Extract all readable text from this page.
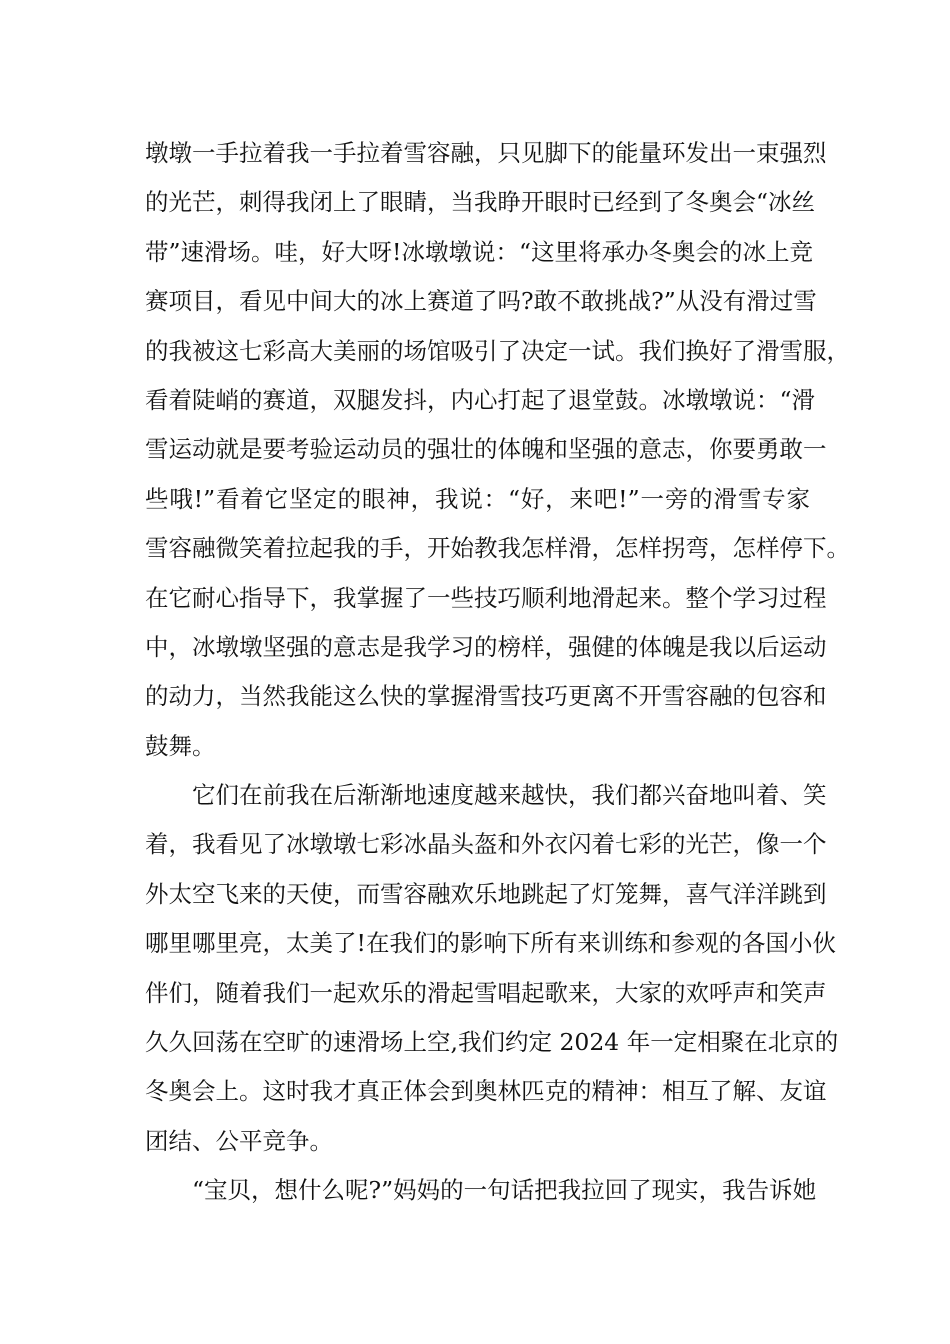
墩墩一手拉着我一手拉着雪容融，只见脚下的能量环发出一束强烈
的光芒，刺得我闭上了眼睛，当我睁开眼时已经到了冬奥会“冰丝
带”速滑场。哇，好大呀!冰墩墩说：“这里将承办冬奥会的冰上竞
赛项目，看见中间大的冰上赛道了吗?敢不敢挑战?”从没有滑过雪
的我被这七彩高大美丽的场馆吸引了决定一试。我们换好了滑雪服，
看着陡峭的赛道，双腿发抖，内心打起了退堂鼓。冰墩墩说：“滑
雪运动就是要考验运动员的强壮的体魄和坚强的意志，你要勇敢一
些哦!”看着它坚定的眼神，我说：“好，来吧!”一旁的滑雪专家
雪容融微笑着拉起我的手，开始教我怎样滑，怎样拐弯，怎样停下。
在它耐心指导下，我掌握了一些技巧顺利地滑起来。整个学习过程
中，冰墩墩坚强的意志是我学习的榜样，强健的体魄是我以后运动
的动力，当然我能这么快的掌握滑雪技巧更离不开雪容融的包容和
鼓舞。
它们在前我在后渐渐地速度越来越快，我们都兴奋地叫着、笑
着，我看见了冰墩墩七彩冰晶头盔和外衣闪着七彩的光芒，像一个
外太空飞来的天使，而雪容融欢乐地跳起了灯笼舞，喜气洋洋跳到
哪里哪里亮，太美了!在我们的影响下所有来训练和参观的各国小伙
伴们，随着我们一起欢乐的滑起雪唱起歌来，大家的欢呼声和笑声
久久回荡在空旷的速滑场上空,我们约定 2024 年一定相聚在北京的
冬奥会上。这时我才真正体会到奥林匹克的精神：相互了解、友谊
团结、公平竞争。
“宝贝，想什么呢?”妈妈的一句话把我拉回了现实，我告诉她
